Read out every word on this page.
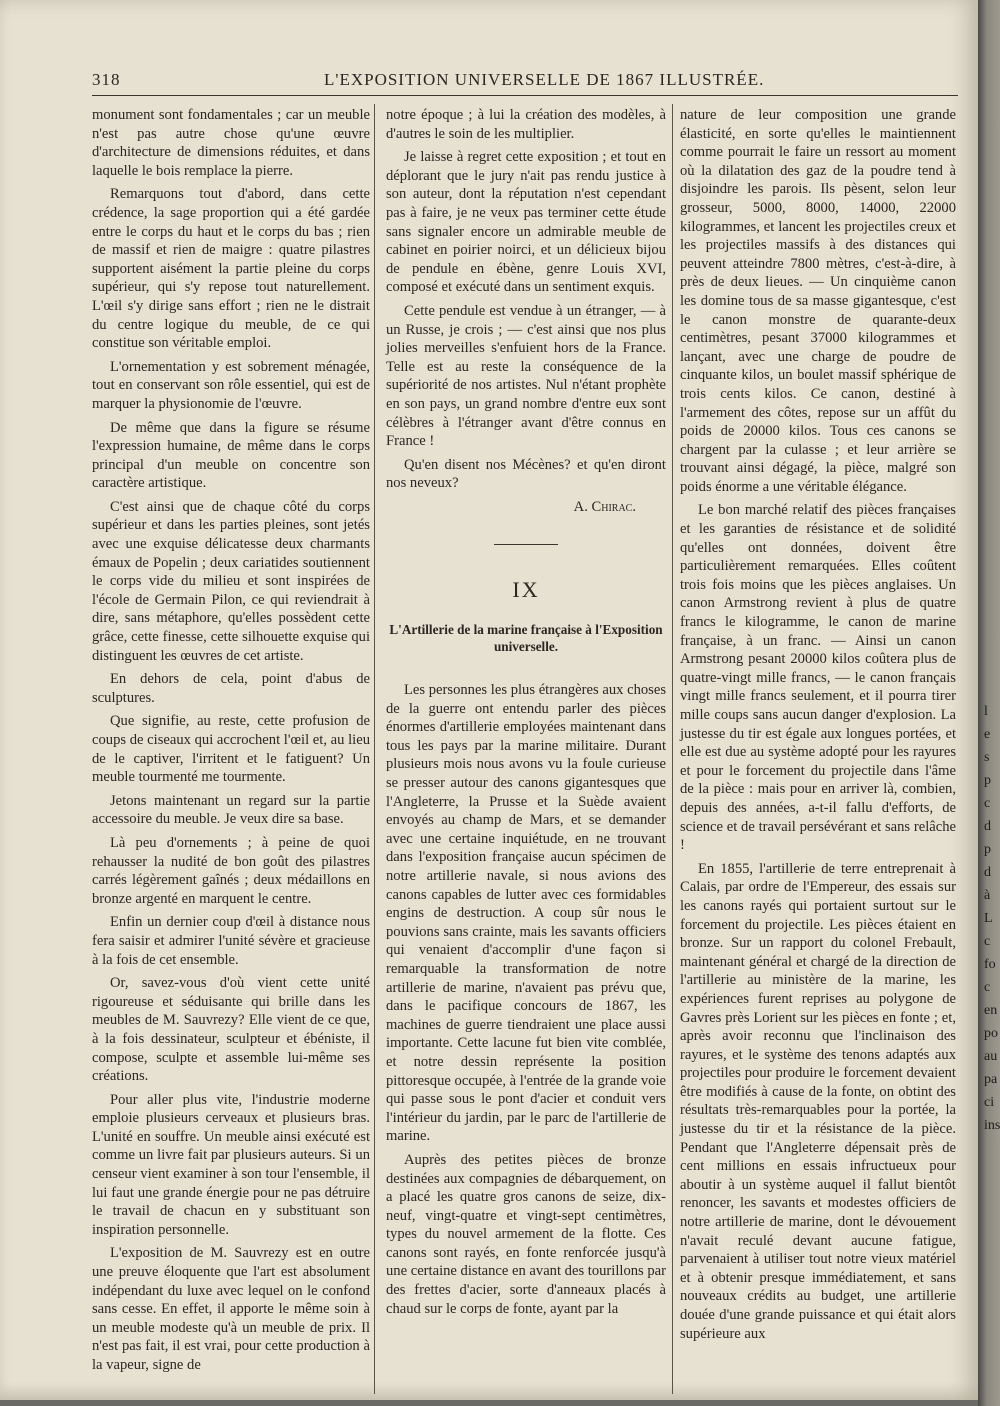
318	L'EXPOSITION UNIVERSELLE DE 1867 ILLUSTRÉE.

monument sont fondamentales ; car un meuble n'est pas autre chose qu'une œuvre d'architecture de dimensions réduites, et dans laquelle le bois remplace la pierre.

Remarquons tout d'abord, dans cette crédence, la sage proportion qui a été gardée entre le corps du haut et le corps du bas ; rien de massif et rien de maigre : quatre pilastres supportent aisément la partie pleine du corps supérieur, qui s'y repose tout naturellement. L'œil s'y dirige sans effort ; rien ne le distrait du centre logique du meuble, de ce qui constitue son véritable emploi.

L'ornementation y est sobrement ménagée, tout en conservant son rôle essentiel, qui est de marquer la physionomie de l'œuvre.

De même que dans la figure se résume l'expression humaine, de même dans le corps principal d'un meuble on concentre son caractère artistique.

C'est ainsi que de chaque côté du corps supérieur et dans les parties pleines, sont jetés avec une exquise délicatesse deux charmants émaux de Popelin ; deux cariatides soutiennent le corps vide du milieu et sont inspirées de l'école de Germain Pilon, ce qui reviendrait à dire, sans métaphore, qu'elles possèdent cette grâce, cette finesse, cette silhouette exquise qui distinguent les œuvres de cet artiste.

En dehors de cela, point d'abus de sculptures.

Que signifie, au reste, cette profusion de coups de ciseaux qui accrochent l'œil et, au lieu de le captiver, l'irritent et le fatiguent? Un meuble tourmenté me tourmente.

Jetons maintenant un regard sur la partie accessoire du meuble. Je veux dire sa base.

Là peu d'ornements ; à peine de quoi rehausser la nudité de bon goût des pilastres carrés légèrement gaînés ; deux médaillons en bronze argenté en marquent le centre.

Enfin un dernier coup d'œil à distance nous fera saisir et admirer l'unité sévère et gracieuse à la fois de cet ensemble.

Or, savez-vous d'où vient cette unité rigoureuse et séduisante qui brille dans les meubles de M. Sauvrezy? Elle vient de ce que, à la fois dessinateur, sculpteur et ébéniste, il compose, sculpte et assemble lui-même ses créations.

Pour aller plus vite, l'industrie moderne emploie plusieurs cerveaux et plusieurs bras. L'unité en souffre. Un meuble ainsi exécuté est comme un livre fait par plusieurs auteurs. Si un censeur vient examiner à son tour l'ensemble, il lui faut une grande énergie pour ne pas détruire le travail de chacun en y substituant son inspiration personnelle.

L'exposition de M. Sauvrezy est en outre une preuve éloquente que l'art est absolument indépendant du luxe avec lequel on le confond sans cesse. En effet, il apporte le même soin à un meuble modeste qu'à un meuble de prix. Il n'est pas fait, il est vrai, pour cette production à la vapeur, signe de

notre époque ; à lui la création des modèles, à d'autres le soin de les multiplier.

Je laisse à regret cette exposition ; et tout en déplorant que le jury n'ait pas rendu justice à son auteur, dont la réputation n'est cependant pas à faire, je ne veux pas terminer cette étude sans signaler encore un admirable meuble de cabinet en poirier noirci, et un délicieux bijou de pendule en ébène, genre Louis XVI, composé et exécuté dans un sentiment exquis.

Cette pendule est vendue à un étranger, — à un Russe, je crois ; — c'est ainsi que nos plus jolies merveilles s'enfuient hors de la France. Telle est au reste la conséquence de la supériorité de nos artistes. Nul n'étant prophète en son pays, un grand nombre d'entre eux sont célèbres à l'étranger avant d'être connus en France !

Qu'en disent nos Mécènes? et qu'en diront nos neveux?

A. Chirac.
IX
L'Artillerie de la marine française à l'Exposition universelle.

Les personnes les plus étrangères aux choses de la guerre ont entendu parler des pièces énormes d'artillerie employées maintenant dans tous les pays par la marine militaire. Durant plusieurs mois nous avons vu la foule curieuse se presser autour des canons gigantesques que l'Angleterre, la Prusse et la Suède avaient envoyés au champ de Mars, et se demander avec une certaine inquiétude, en ne trouvant dans l'exposition française aucun spécimen de notre artillerie navale, si nous avions des canons capables de lutter avec ces formidables engins de destruction. A coup sûr nous le pouvions sans crainte, mais les savants officiers qui venaient d'accomplir d'une façon si remarquable la transformation de notre artillerie de marine, n'avaient pas prévu que, dans le pacifique concours de 1867, les machines de guerre tiendraient une place aussi importante. Cette lacune fut bien vite comblée, et notre dessin représente la position pittoresque occupée, à l'entrée de la grande voie qui passe sous le pont d'acier et conduit vers l'intérieur du jardin, par le parc de l'artillerie de marine.

Auprès des petites pièces de bronze destinées aux compagnies de débarquement, on a placé les quatre gros canons de seize, dix-neuf, vingt-quatre et vingt-sept centimètres, types du nouvel armement de la flotte. Ces canons sont rayés, en fonte renforcée jusqu'à une certaine distance en avant des tourillons par des frettes d'acier, sorte d'anneaux placés à chaud sur le corps de fonte, ayant par la

nature de leur composition une grande élasticité, en sorte qu'elles le maintiennent comme pourrait le faire un ressort au moment où la dilatation des gaz de la poudre tend à disjoindre les parois. Ils pèsent, selon leur grosseur, 5000, 8000, 14000, 22000 kilogrammes, et lancent les projectiles creux et les projectiles massifs à des distances qui peuvent atteindre 7800 mètres, c'est-à-dire, à près de deux lieues. — Un cinquième canon les domine tous de sa masse gigantesque, c'est le canon monstre de quarante-deux centimètres, pesant 37000 kilogrammes et lançant, avec une charge de poudre de cinquante kilos, un boulet massif sphérique de trois cents kilos. Ce canon, destiné à l'armement des côtes, repose sur un affût du poids de 20000 kilos. Tous ces canons se chargent par la culasse ; et leur arrière se trouvant ainsi dégagé, la pièce, malgré son poids énorme a une véritable élégance.

Le bon marché relatif des pièces françaises et les garanties de résistance et de solidité qu'elles ont données, doivent être particulièrement remarquées. Elles coûtent trois fois moins que les pièces anglaises. Un canon Armstrong revient à plus de quatre francs le kilogramme, le canon de marine française, à un franc. — Ainsi un canon Armstrong pesant 20000 kilos coûtera plus de quatre-vingt mille francs, — le canon français vingt mille francs seulement, et il pourra tirer mille coups sans aucun danger d'explosion. La justesse du tir est égale aux longues portées, et elle est due au système adopté pour les rayures et pour le forcement du projectile dans l'âme de la pièce : mais pour en arriver là, combien, depuis des années, a-t-il fallu d'efforts, de science et de travail persévérant et sans relâche !

En 1855, l'artillerie de terre entreprenait à Calais, par ordre de l'Empereur, des essais sur les canons rayés qui portaient surtout sur le forcement du projectile. Les pièces étaient en bronze. Sur un rapport du colonel Frebault, maintenant général et chargé de la direction de l'artillerie au ministère de la marine, les expériences furent reprises au polygone de Gavres près Lorient sur les pièces en fonte ; et, après avoir reconnu que l'inclinaison des rayures, et le système des tenons adaptés aux projectiles pour produire le forcement devaient être modifiés à cause de la fonte, on obtint des résultats très-remarquables pour la portée, la justesse du tir et la résistance de la pièce. Pendant que l'Angleterre dépensait près de cent millions en essais infructueux pour aboutir à un système auquel il fallut bientôt renoncer, les savants et modestes officiers de notre artillerie de marine, dont le dévouement n'avait reculé devant aucune fatigue, parvenaient à utiliser tout notre vieux matériel et à obtenir presque immédiatement, et sans nouveaux crédits au budget, une artillerie douée d'une grande puissance et qui était alors supérieure aux

l
e
s
p
c
d
p
d
à
L
c
fo
c
en
po
au
pa
ci
ins
